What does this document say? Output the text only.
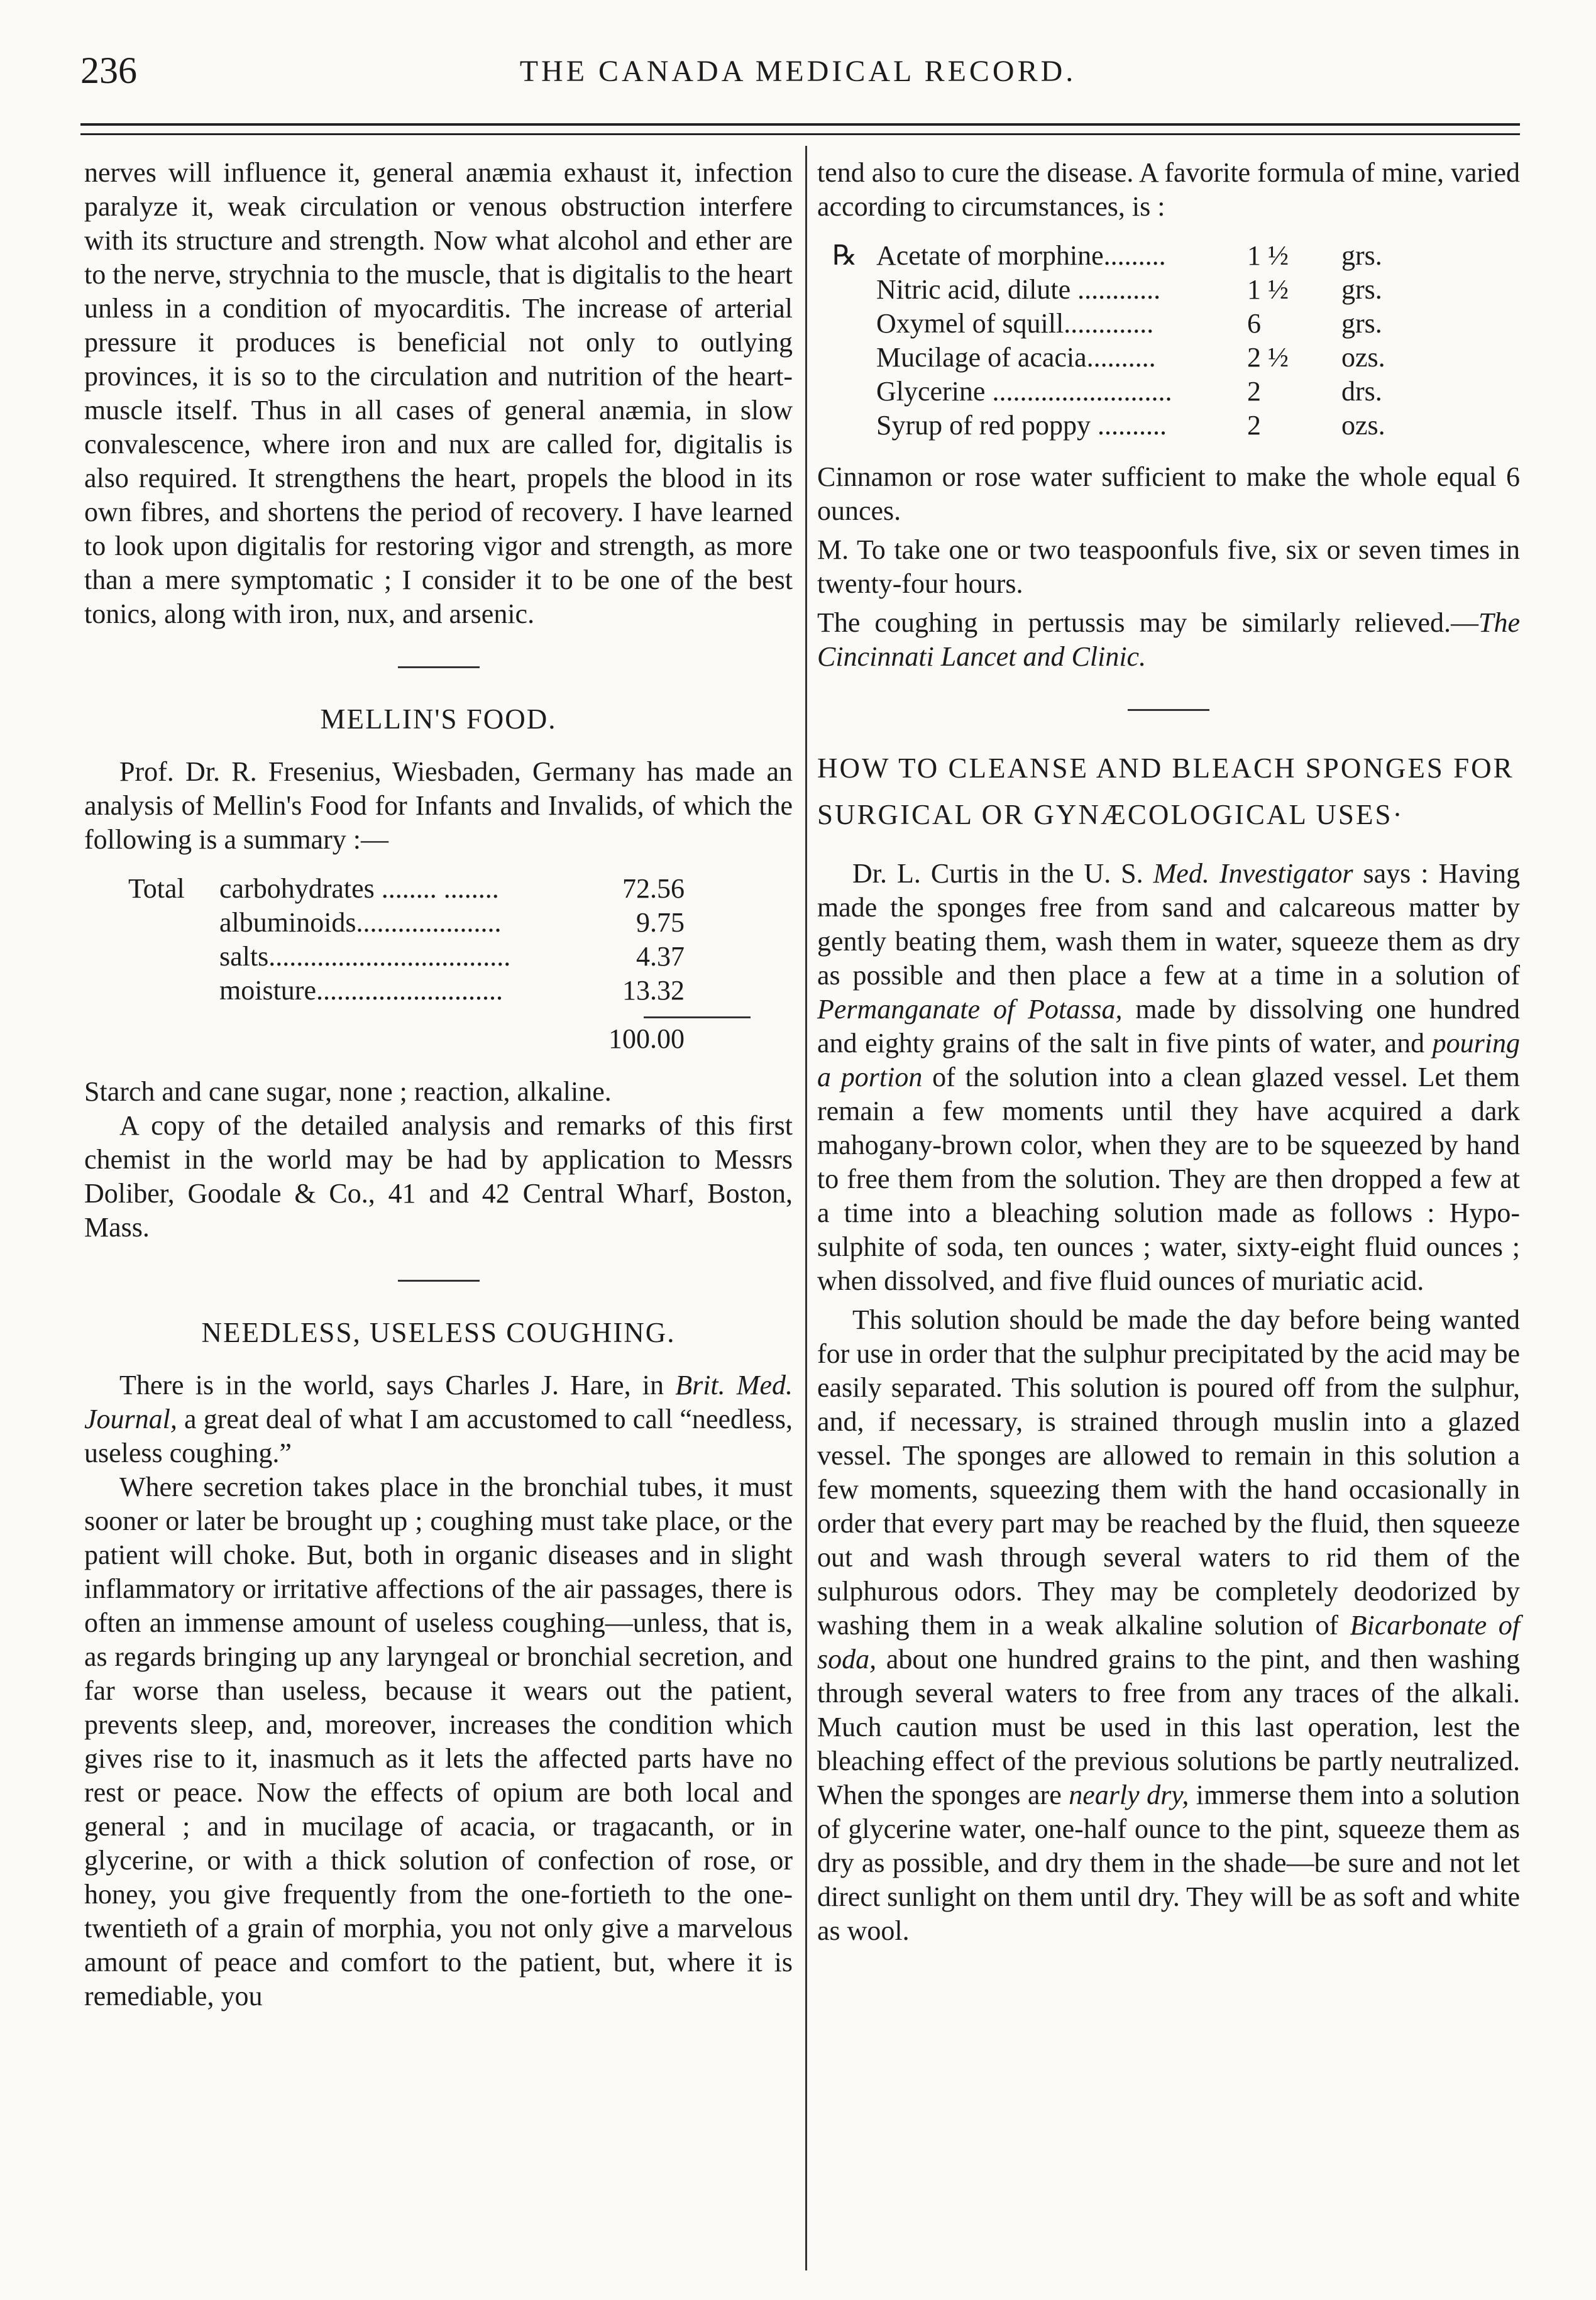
236	THE CANADA MEDICAL RECORD.

nerves will influence it, general anæmia exhaust it, infection paralyze it, weak circulation or venous obstruction interfere with its structure and strength. Now what alcohol and ether are to the nerve, strychnia to the muscle, that is digitalis to the heart unless in a condition of myocarditis. The increase of arterial pressure it produces is beneficial not only to outlying provinces, it is so to the circulation and nutrition of the heart-muscle itself. Thus in all cases of general anæmia, in slow convalescence, where iron and nux are called for, digitalis is also required. It strengthens the heart, propels the blood in its own fibres, and shortens the period of recovery. I have learned to look upon digitalis for restoring vigor and strength, as more than a mere symptomatic ; I consider it to be one of the best tonics, along with iron, nux, and arsenic.

MELLIN'S FOOD.

Prof. Dr. R. Fresenius, Wiesbaden, Germany has made an analysis of Mellin's Food for Infants and Invalids, of which the following is a summary :—

Total	carbohydrates ........ ........	72.56
albuminoids.....................	9.75
salts...................................	4.37
moisture...........................	13.32
100.00

Starch and cane sugar, none ; reaction, alkaline.

A copy of the detailed analysis and remarks of this first chemist in the world may be had by application to Messrs Doliber, Goodale & Co., 41 and 42 Central Wharf, Boston, Mass.

NEEDLESS, USELESS COUGHING.

There is in the world, says Charles J. Hare, in Brit. Med. Journal, a great deal of what I am accustomed to call “needless, useless coughing.”

Where secretion takes place in the bronchial tubes, it must sooner or later be brought up ; coughing must take place, or the patient will choke. But, both in organic diseases and in slight inflammatory or irritative affections of the air passages, there is often an immense amount of useless coughing—unless, that is, as regards bringing up any laryngeal or bronchial secretion, and far worse than useless, because it wears out the patient, prevents sleep, and, moreover, increases the condition which gives rise to it, inasmuch as it lets the affected parts have no rest or peace. Now the effects of opium are both local and general ; and in mucilage of acacia, or tragacanth, or in glycerine, or with a thick solution of confection of rose, or honey, you give frequently from the one-fortieth to the one-twentieth of a grain of morphia, you not only give a marvelous amount of peace and comfort to the patient, but, where it is remediable, you

tend also to cure the disease. A favorite formula of mine, varied according to circumstances, is :

℞ Acetate of morphine.........	1 ½	grs.
Nitric acid, dilute ............	1 ½	grs.
Oxymel of squill.............	6	grs.
Mucilage of acacia..........	2 ½	ozs.
Glycerine ..........................	2	drs.
Syrup of red poppy ..........	2	ozs.

Cinnamon or rose water sufficient to make the whole equal 6 ounces.

M. To take one or two teaspoonfuls five, six or seven times in twenty-four hours.

The coughing in pertussis may be similarly relieved.—The Cincinnati Lancet and Clinic.

HOW TO CLEANSE AND BLEACH SPONGES FOR SURGICAL OR GYNÆCOLOGICAL USES·

Dr. L. Curtis in the U. S. Med. Investigator says : Having made the sponges free from sand and calcareous matter by gently beating them, wash them in water, squeeze them as dry as possible and then place a few at a time in a solution of Permanganate of Potassa, made by dissolving one hundred and eighty grains of the salt in five pints of water, and pouring a portion of the solution into a clean glazed vessel. Let them remain a few moments until they have acquired a dark mahogany-brown color, when they are to be squeezed by hand to free them from the solution. They are then dropped a few at a time into a bleaching solution made as follows : Hypo-sulphite of soda, ten ounces ; water, sixty-eight fluid ounces ; when dissolved, and five fluid ounces of muriatic acid.

This solution should be made the day before being wanted for use in order that the sulphur precipitated by the acid may be easily separated. This solution is poured off from the sulphur, and, if necessary, is strained through muslin into a glazed vessel. The sponges are allowed to remain in this solution a few moments, squeezing them with the hand occasionally in order that every part may be reached by the fluid, then squeeze out and wash through several waters to rid them of the sulphurous odors. They may be completely deodorized by washing them in a weak alkaline solution of Bicarbonate of soda, about one hundred grains to the pint, and then washing through several waters to free from any traces of the alkali. Much caution must be used in this last operation, lest the bleaching effect of the previous solutions be partly neutralized. When the sponges are nearly dry, immerse them into a solution of glycerine water, one-half ounce to the pint, squeeze them as dry as possible, and dry them in the shade—be sure and not let direct sunlight on them until dry. They will be as soft and white as wool.
